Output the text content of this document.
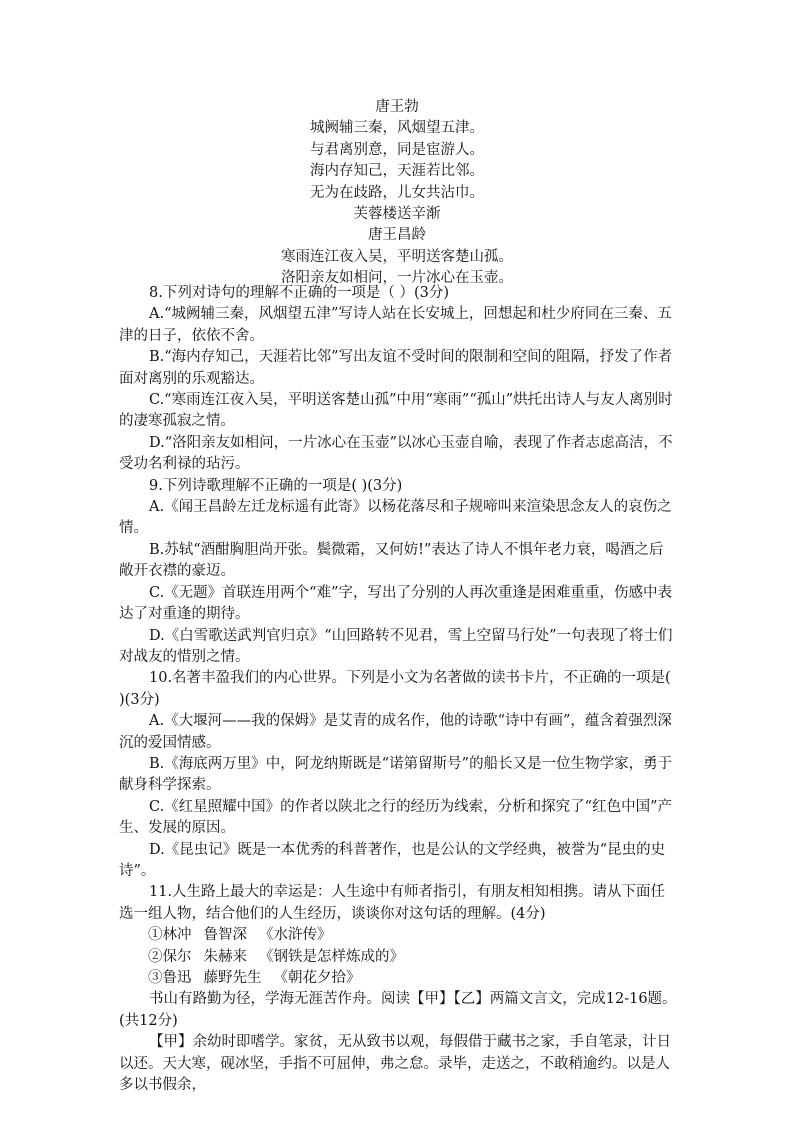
唐王勃
城阙辅三秦，风烟望五津。
与君离别意，同是宦游人。
海内存知己，天涯若比邻。
无为在歧路，儿女共沾巾。
芙蓉楼送辛渐
唐王昌龄
寒雨连江夜入吴，平明送客楚山孤。
洛阳亲友如相问，一片冰心在玉壶。

8.下列对诗句的理解不正确的一项是（ ）(3分)

A.“城阙辅三秦，风烟望五津”写诗人站在长安城上，回想起和杜少府同在三秦、五津的日子，依依不舍。

B.“海内存知己，天涯若比邻”写出友谊不受时间的限制和空间的阻隔，抒发了作者面对离别的乐观豁达。

C.“寒雨连江夜入吴，平明送客楚山孤”中用“寒雨”“孤山”烘托出诗人与友人离别时的凄寒孤寂之情。

D.“洛阳亲友如相问，一片冰心在玉壶”以冰心玉壶自喻，表现了作者志虑高洁，不受功名利禄的玷污。

9.下列诗歌理解不正确的一项是( )(3分)

A.《闻王昌龄左迁龙标遥有此寄》以杨花落尽和子规啼叫来渲染思念友人的哀伤之情。

B.苏轼“酒酣胸胆尚开张。鬓微霜，又何妨!”表达了诗人不惧年老力衰，喝酒之后敞开衣襟的豪迈。

C.《无题》首联连用两个“难”字，写出了分别的人再次重逢是困难重重，伤感中表达了对重逢的期待。

D.《白雪歌送武判官归京》“山回路转不见君，雪上空留马行处”一句表现了将士们对战友的惜别之情。

10.名著丰盈我们的内心世界。下列是小文为名著做的读书卡片，不正确的一项是( )(3分)

A.《大堰河——我的保姆》是艾青的成名作，他的诗歌“诗中有画”，蕴含着强烈深沉的爱国情感。

B.《海底两万里》中，阿龙纳斯既是“诺第留斯号”的船长又是一位生物学家，勇于献身科学探索。

C.《红星照耀中国》的作者以陕北之行的经历为线索，分析和探究了“红色中国”产生、发展的原因。

D.《昆虫记》既是一本优秀的科普著作，也是公认的文学经典，被誉为“昆虫的史诗”。

11.人生路上最大的幸运是：人生途中有师者指引，有朋友相知相携。请从下面任选一组人物，结合他们的人生经历，谈谈你对这句话的理解。(4分)

①林冲 鲁智深 《水浒传》
②保尔 朱赫来 《钢铁是怎样炼成的》
③鲁迅 藤野先生 《朝花夕拾》

书山有路勤为径，学海无涯苦作舟。阅读【甲】【乙】两篇文言文，完成12-16题。(共12分)

【甲】余幼时即嗜学。家贫，无从致书以观，每假借于藏书之家，手自笔录，计日以还。天大寒，砚冰坚，手指不可屈伸，弗之怠。录毕，走送之，不敢稍逾约。以是人多以书假余，
